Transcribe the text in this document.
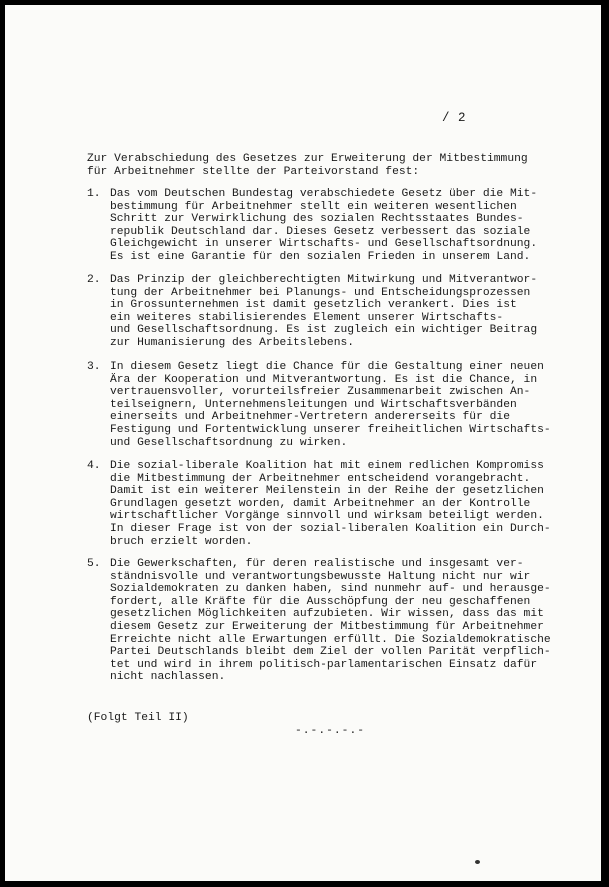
/ 2
Zur Verabschiedung des Gesetzes zur Erweiterung der Mitbestimmung
für Arbeitnehmer stellte der Parteivorstand fest:
1. Das vom Deutschen Bundestag verabschiedete Gesetz über die Mit-
bestimmung für Arbeitnehmer stellt ein weiteren wesentlichen
Schritt zur Verwirklichung des sozialen Rechtsstaates Bundes-
republik Deutschland dar. Dieses Gesetz verbessert das soziale
Gleichgewicht in unserer Wirtschafts- und Gesellschaftsordnung.
Es ist eine Garantie für den sozialen Frieden in unserem Land.
2. Das Prinzip der gleichberechtigten Mitwirkung und Mitverantwor-
tung der Arbeitnehmer bei Planungs- und Entscheidungsprozessen
in Grossunternehmen ist damit gesetzlich verankert. Dies ist
ein weiteres stabilisierendes Element unserer Wirtschafts-
und Gesellschaftsordnung. Es ist zugleich ein wichtiger Beitrag
zur Humanisierung des Arbeitslebens.
3. In diesem Gesetz liegt die Chance für die Gestaltung einer neuen
Ära der Kooperation und Mitverantwortung. Es ist die Chance, in
vertrauensvoller, vorurteilsfreier Zusammenarbeit zwischen An-
teilseignern, Unternehmensleitungen und Wirtschaftsverbänden
einerseits und Arbeitnehmer-Vertretern andererseits für die
Festigung und Fortentwicklung unserer freiheitlichen Wirtschafts-
und Gesellschaftsordnung zu wirken.
4. Die sozial-liberale Koalition hat mit einem redlichen Kompromiss
die Mitbestimmung der Arbeitnehmer entscheidend vorangebracht.
Damit ist ein weiterer Meilenstein in der Reihe der gesetzlichen
Grundlagen gesetzt worden, damit Arbeitnehmer an der Kontrolle
wirtschaftlicher Vorgänge sinnvoll und wirksam beteiligt werden.
In dieser Frage ist von der sozial-liberalen Koalition ein Durch-
bruch erzielt worden.
5. Die Gewerkschaften, für deren realistische und insgesamt ver-
ständnisvolle und verantwortungsbewusste Haltung nicht nur wir
Sozialdemokraten zu danken haben, sind nunmehr auf- und herausge-
fordert, alle Kräfte für die Ausschöpfung der neu geschaffenen
gesetzlichen Möglichkeiten aufzubieten. Wir wissen, dass das mit
diesem Gesetz zur Erweiterung der Mitbestimmung für Arbeitnehmer
Erreichte nicht alle Erwartungen erfüllt. Die Sozialdemokratische
Partei Deutschlands bleibt dem Ziel der vollen Parität verpflich-
tet und wird in ihrem politisch-parlamentarischen Einsatz dafür
nicht nachlassen.
(Folgt Teil II)
-.-.-.-.-
